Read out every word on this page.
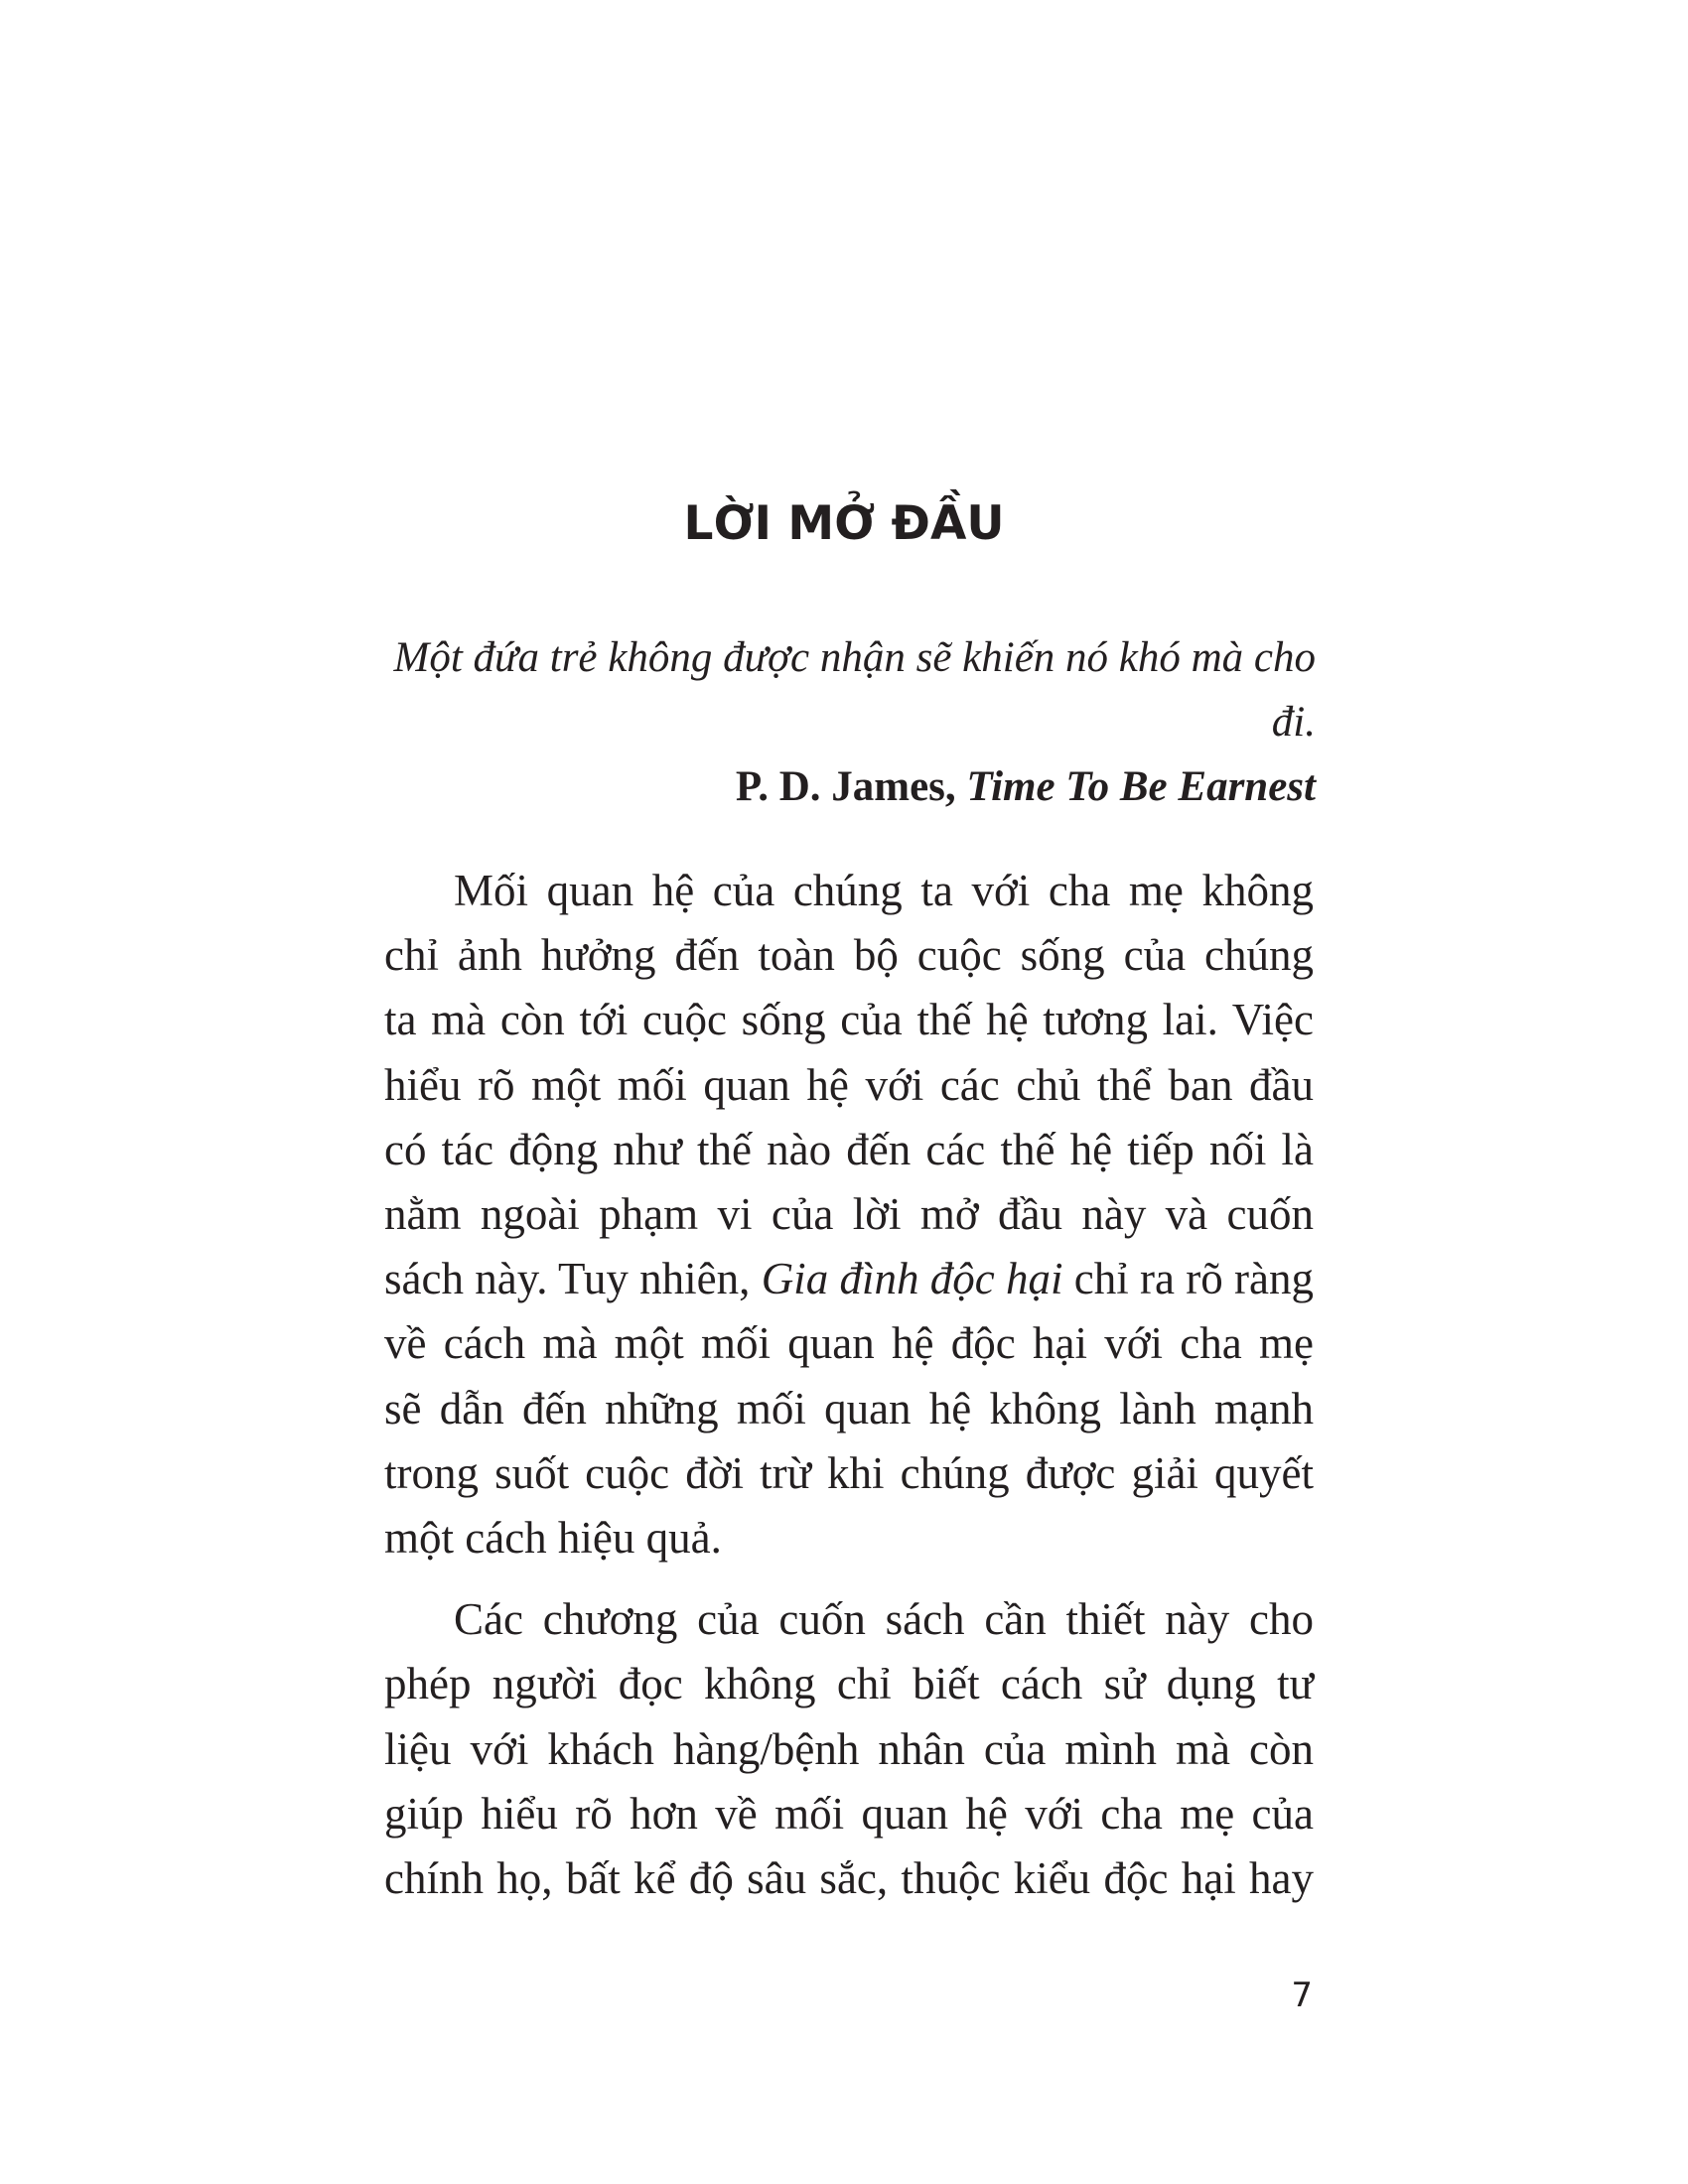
LỜI MỞ ĐẦU
Một đứa trẻ không được nhận sẽ khiến nó khó mà cho đi.
P. D. James, Time To Be Earnest
Mối quan hệ của chúng ta với cha mẹ không
chỉ ảnh hưởng đến toàn bộ cuộc sống của chúng
ta mà còn tới cuộc sống của thế hệ tương lai. Việc
hiểu rõ một mối quan hệ với các chủ thể ban đầu
có tác động như thế nào đến các thế hệ tiếp nối là
nằm ngoài phạm vi của lời mở đầu này và cuốn
sách này. Tuy nhiên, Gia đình độc hại chỉ ra rõ ràng
về cách mà một mối quan hệ độc hại với cha mẹ
sẽ dẫn đến những mối quan hệ không lành mạnh
trong suốt cuộc đời trừ khi chúng được giải quyết
một cách hiệu quả.
Các chương của cuốn sách cần thiết này cho
phép người đọc không chỉ biết cách sử dụng tư
liệu với khách hàng/bệnh nhân của mình mà còn
giúp hiểu rõ hơn về mối quan hệ với cha mẹ của
chính họ, bất kể độ sâu sắc, thuộc kiểu độc hại hay
7
